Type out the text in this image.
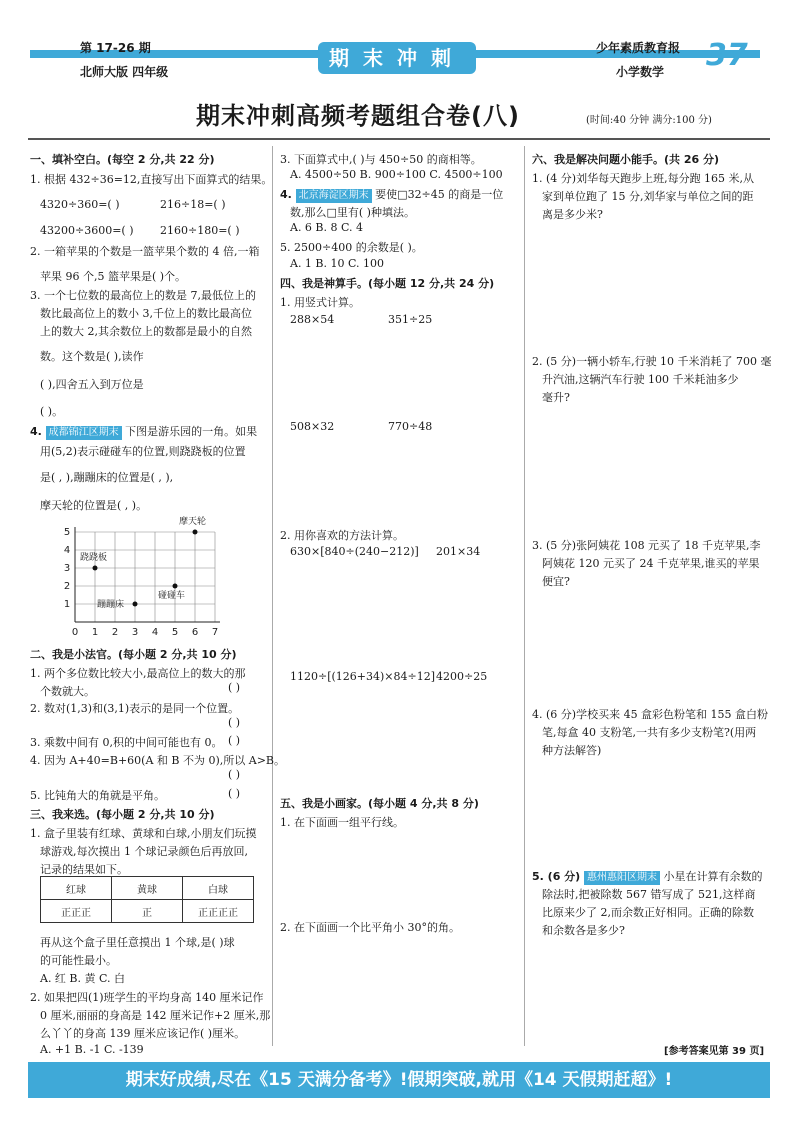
第 17-26 期
北师大版 四年级
期末冲刺	少年素质教育报
小学数学 37
期末冲刺高频考题组合卷(八)	(时间:40 分钟 满分:100 分)
一、填补空白。(每空 2 分,共 22 分)
1. 根据 432÷36=12,直接写出下面算式的结果。
4320÷360=( )	216÷18=( )
43200÷3600=( ) 2160÷180=( )
2. 一箱苹果的个数是一篮苹果个数的 4 倍,一箱
苹果 96 个,5 篮苹果是( )个。
3. 一个七位数的最高位上的数是 7,最低位上的
数比最高位上的数小 3,千位上的数比最高位
上的数大 2,其余数位上的数都是最小的自然
数。这个数是( ),读作
( ),四舍五入到万位是
( )。
4. 成都锦江区期末 下图是游乐园的一角。如果
用(5,2)表示碰碰车的位置,则跷跷板的位置
是( , ),蹦蹦床的位置是( , ),
摩天轮的位置是( , )。
0 1 2 3 4 5 6 7
1
2
3
4
5
摩天轮
跷跷板
蹦蹦床
碰碰车
二、我是小法官。(每小题 2 分,共 10 分)
1. 两个多位数比较大小,最高位上的数大的那
个数就大。	( )
2. 数对(1,3)和(3,1)表示的是同一个位置。
( )
3. 乘数中间有 0,积的中间可能也有 0。 ( )
4. 因为 A+40=B+60(A 和 B 不为 0),所以 A>B。
( )
5. 比钝角大的角就是平角。	( )
三、我来选。(每小题 2 分,共 10 分)
1. 盒子里装有红球、黄球和白球,小朋友们玩摸
球游戏,每次摸出 1 个球记录颜色后再放回,
记录的结果如下。
红球	黄球	白球
正正正	正	正正正正
再从这个盒子里任意摸出 1 个球,是( )球
的可能性最小。
A. 红 B. 黄 C. 白
2. 如果把四(1)班学生的平均身高 140 厘米记作
0 厘米,丽丽的身高是 142 厘米记作+2 厘米,那
么丫丫的身高 139 厘米应该记作( )厘米。
A. +1 B. -1 C. -139
3. 下面算式中,( )与 450÷50 的商相等。
A. 4500÷50 B. 900÷100 C. 4500÷100
4. 北京海淀区期末 要使□32÷45 的商是一位
数,那么□里有( )种填法。
A. 6 B. 8 C. 4
5. 2500÷400 的余数是( )。
A. 1 B. 10 C. 100
四、我是神算手。(每小题 12 分,共 24 分)
1. 用竖式计算。
288×54	351÷25
508×32	770÷48
2. 用你喜欢的方法计算。
630×[840÷(240−212)] 201×34
1120÷[(126+34)×84÷12] 4200÷25
五、我是小画家。(每小题 4 分,共 8 分)
1. 在下面画一组平行线。
2. 在下面画一个比平角小 30°的角。
六、我是解决问题小能手。(共 26 分)
1. (4 分)刘华每天跑步上班,每分跑 165 米,从
家到单位跑了 15 分,刘华家与单位之间的距
离是多少米?
2. (5 分)一辆小轿车,行驶 10 千米消耗了 700 毫
升汽油,这辆汽车行驶 100 千米耗油多少
毫升?
3. (5 分)张阿姨花 108 元买了 18 千克苹果,李
阿姨花 120 元买了 24 千克苹果,谁买的苹果
便宜?
4. (6 分)学校买来 45 盒彩色粉笔和 155 盒白粉
笔,每盒 40 支粉笔,一共有多少支粉笔?(用两
种方法解答)
5. (6 分) 惠州惠阳区期末 小星在计算有余数的
除法时,把被除数 567 错写成了 521,这样商
比原来少了 2,而余数正好相同。正确的除数
和余数各是多少?
[参考答案见第 39 页]
期末好成绩,尽在《15 天满分备考》!假期突破,就用《14 天假期赶超》!
